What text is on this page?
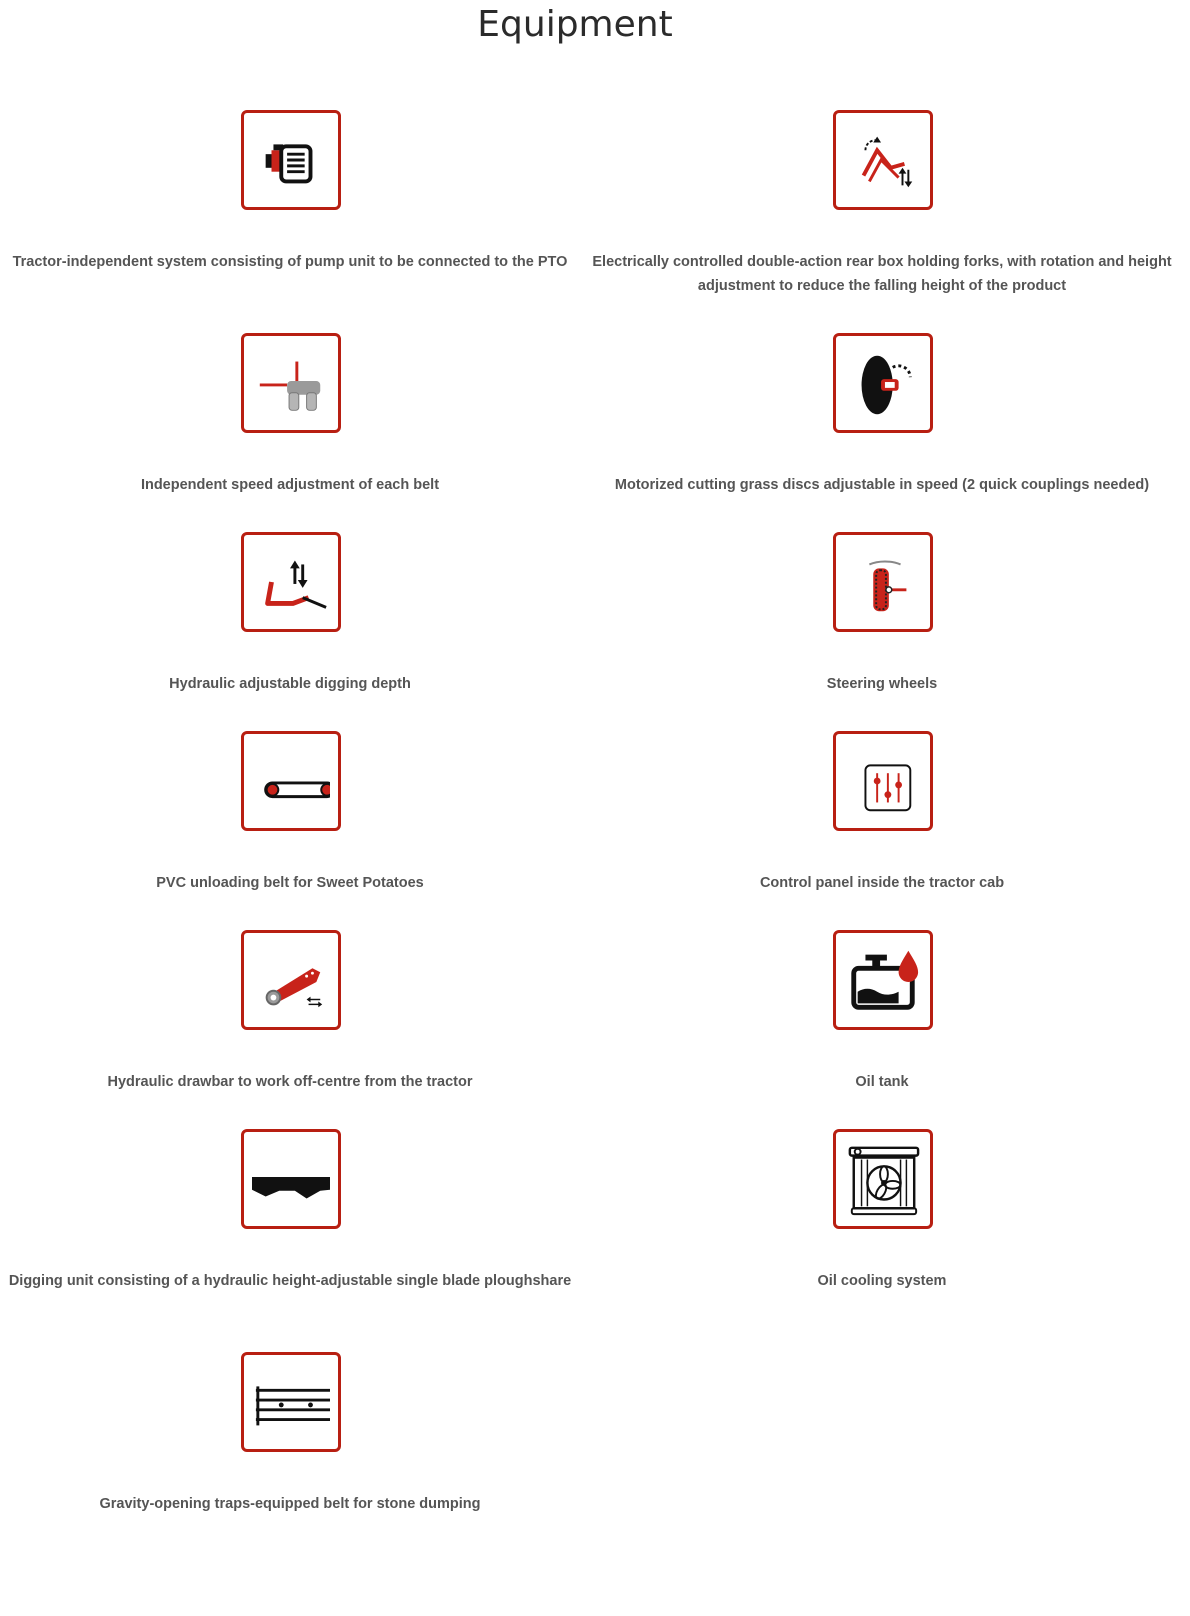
Equipment
Tractor-independent system consisting of pump unit to be connected to the PTO	Electrically controlled double-action rear box holding forks, with rotation and height adjustment to reduce the falling height of the product
Independent speed adjustment of each belt	Motorized cutting grass discs adjustable in speed (2 quick couplings needed)
Hydraulic adjustable digging depth	Steering wheels
PVC unloading belt for Sweet Potatoes	Control panel inside the tractor cab
Hydraulic drawbar to work off-centre from the tractor	Oil tank
Digging unit consisting of a hydraulic height-adjustable single blade ploughshare	Oil cooling system
Gravity-opening traps-equipped belt for stone dumping
